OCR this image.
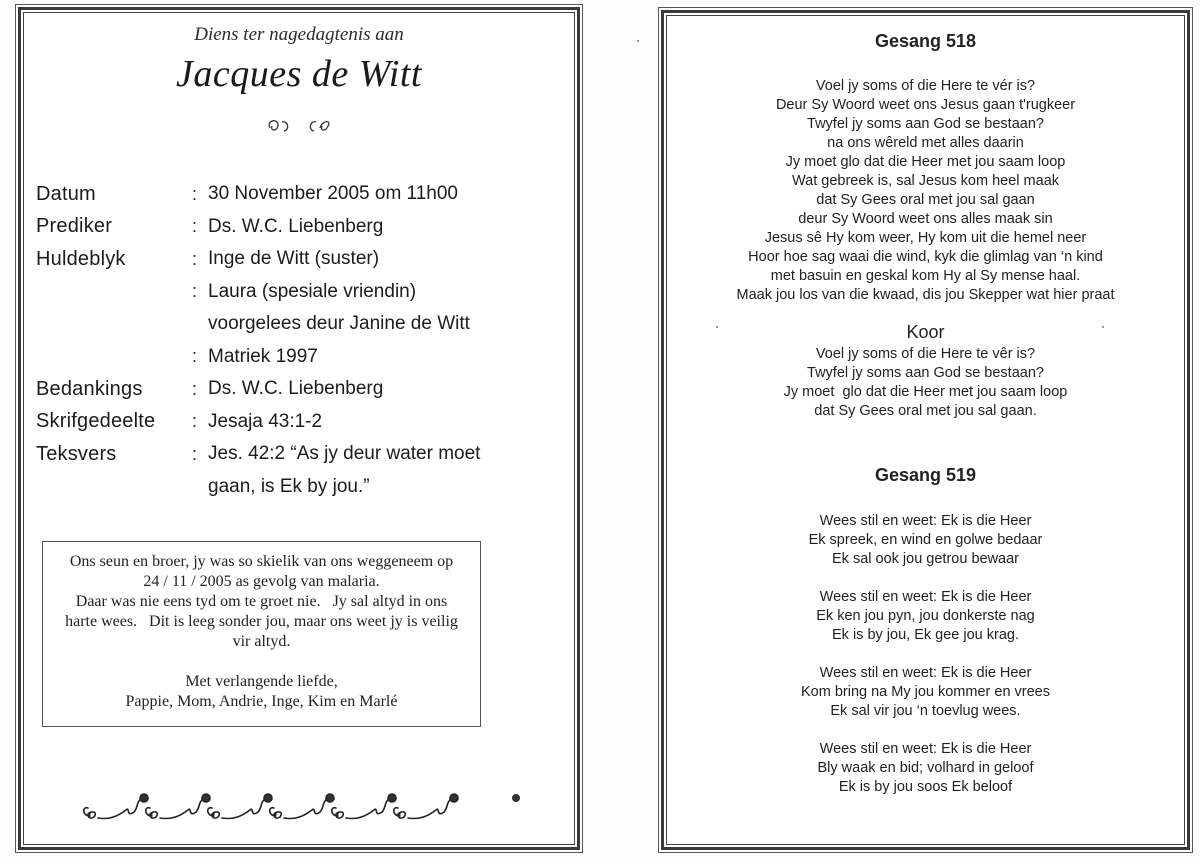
Diens ter nagedagtenis aan
Jacques de Witt
Datum	: 30 November 2005 om 11h00
Prediker	: Ds. W.C. Liebenberg
Huldeblyk	: Inge de Witt (suster)
: Laura (spesiale vriendin)
voorgelees deur Janine de Witt
: Matriek 1997
Bedankings	: Ds. W.C. Liebenberg
Skrifgedeelte	: Jesaja 43:1-2
Teksvers	: Jes. 42:2 “As jy deur water moet
gaan, is Ek by jou.”

Ons seun en broer, jy was so skielik van ons weggeneem op

24 / 11 / 2005 as gevolg van malaria.

Daar was nie eens tyd om te groet nie.   Jy sal altyd in ons

harte wees.   Dit is leeg sonder jou, maar ons weet jy is veilig

vir altyd.

Met verlangende liefde,

Pappie, Mom, Andrie, Inge, Kim en Marlé

Gesang 518
Voel jy soms of die Here te vér is?
Deur Sy Woord weet ons Jesus gaan t'rugkeer
Twyfel jy soms aan God se bestaan?
na ons wêreld met alles daarin
Jy moet glo dat die Heer met jou saam loop
Wat gebreek is, sal Jesus kom heel maak
dat Sy Gees oral met jou sal gaan
deur Sy Woord weet ons alles maak sin
Jesus sê Hy kom weer, Hy kom uit die hemel neer
Hoor hoe sag waai die wind, kyk die glimlag van ‘n kind
met basuin en geskal kom Hy al Sy mense haal.
Maak jou los van die kwaad, dis jou Skepper wat hier praat
Koor
Voel jy soms of die Here te vêr is?
Twyfel jy soms aan God se bestaan?
Jy moet  glo dat die Heer met jou saam loop
dat Sy Gees oral met jou sal gaan.
Gesang 519
Wees stil en weet: Ek is die Heer
Ek spreek, en wind en golwe bedaar
Ek sal ook jou getrou bewaar
Wees stil en weet: Ek is die Heer
Ek ken jou pyn, jou donkerste nag
Ek is by jou, Ek gee jou krag.
Wees stil en weet: Ek is die Heer
Kom bring na My jou kommer en vrees
Ek sal vir jou ‘n toevlug wees.
Wees stil en weet: Ek is die Heer
Bly waak en bid; volhard in geloof
Ek is by jou soos Ek beloof
